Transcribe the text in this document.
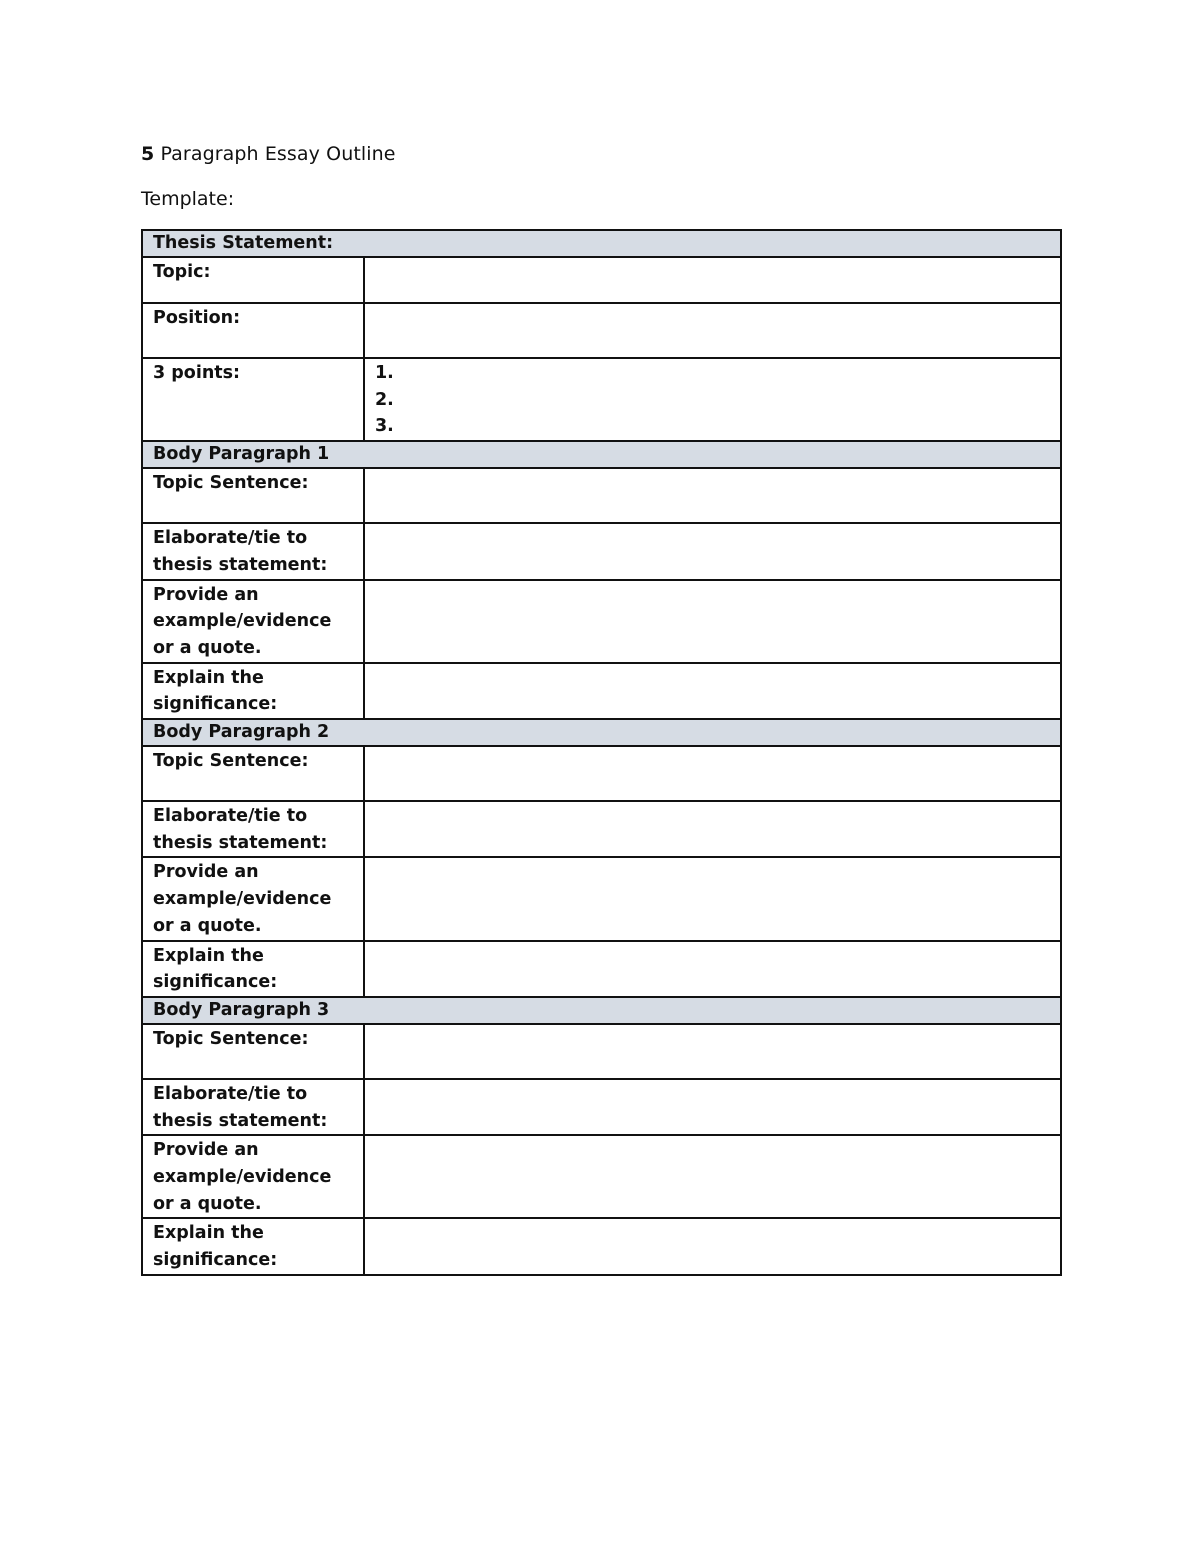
5 Paragraph Essay Outline
Template:
Thesis Statement:	
Topic:	
Position:	
3 points:	1.
2.
3.

Body Paragraph 1	
Topic Sentence:	
Elaborate/tie to thesis statement:	
Provide an example/evidence or a quote.	
Explain the significance:	
Body Paragraph 2	
Topic Sentence:	
Elaborate/tie to thesis statement:	
Provide an example/evidence or a quote.	
Explain the significance:	
Body Paragraph 3	
Topic Sentence:	
Elaborate/tie to thesis statement:	
Provide an example/evidence or a quote.	
Explain the significance:	
